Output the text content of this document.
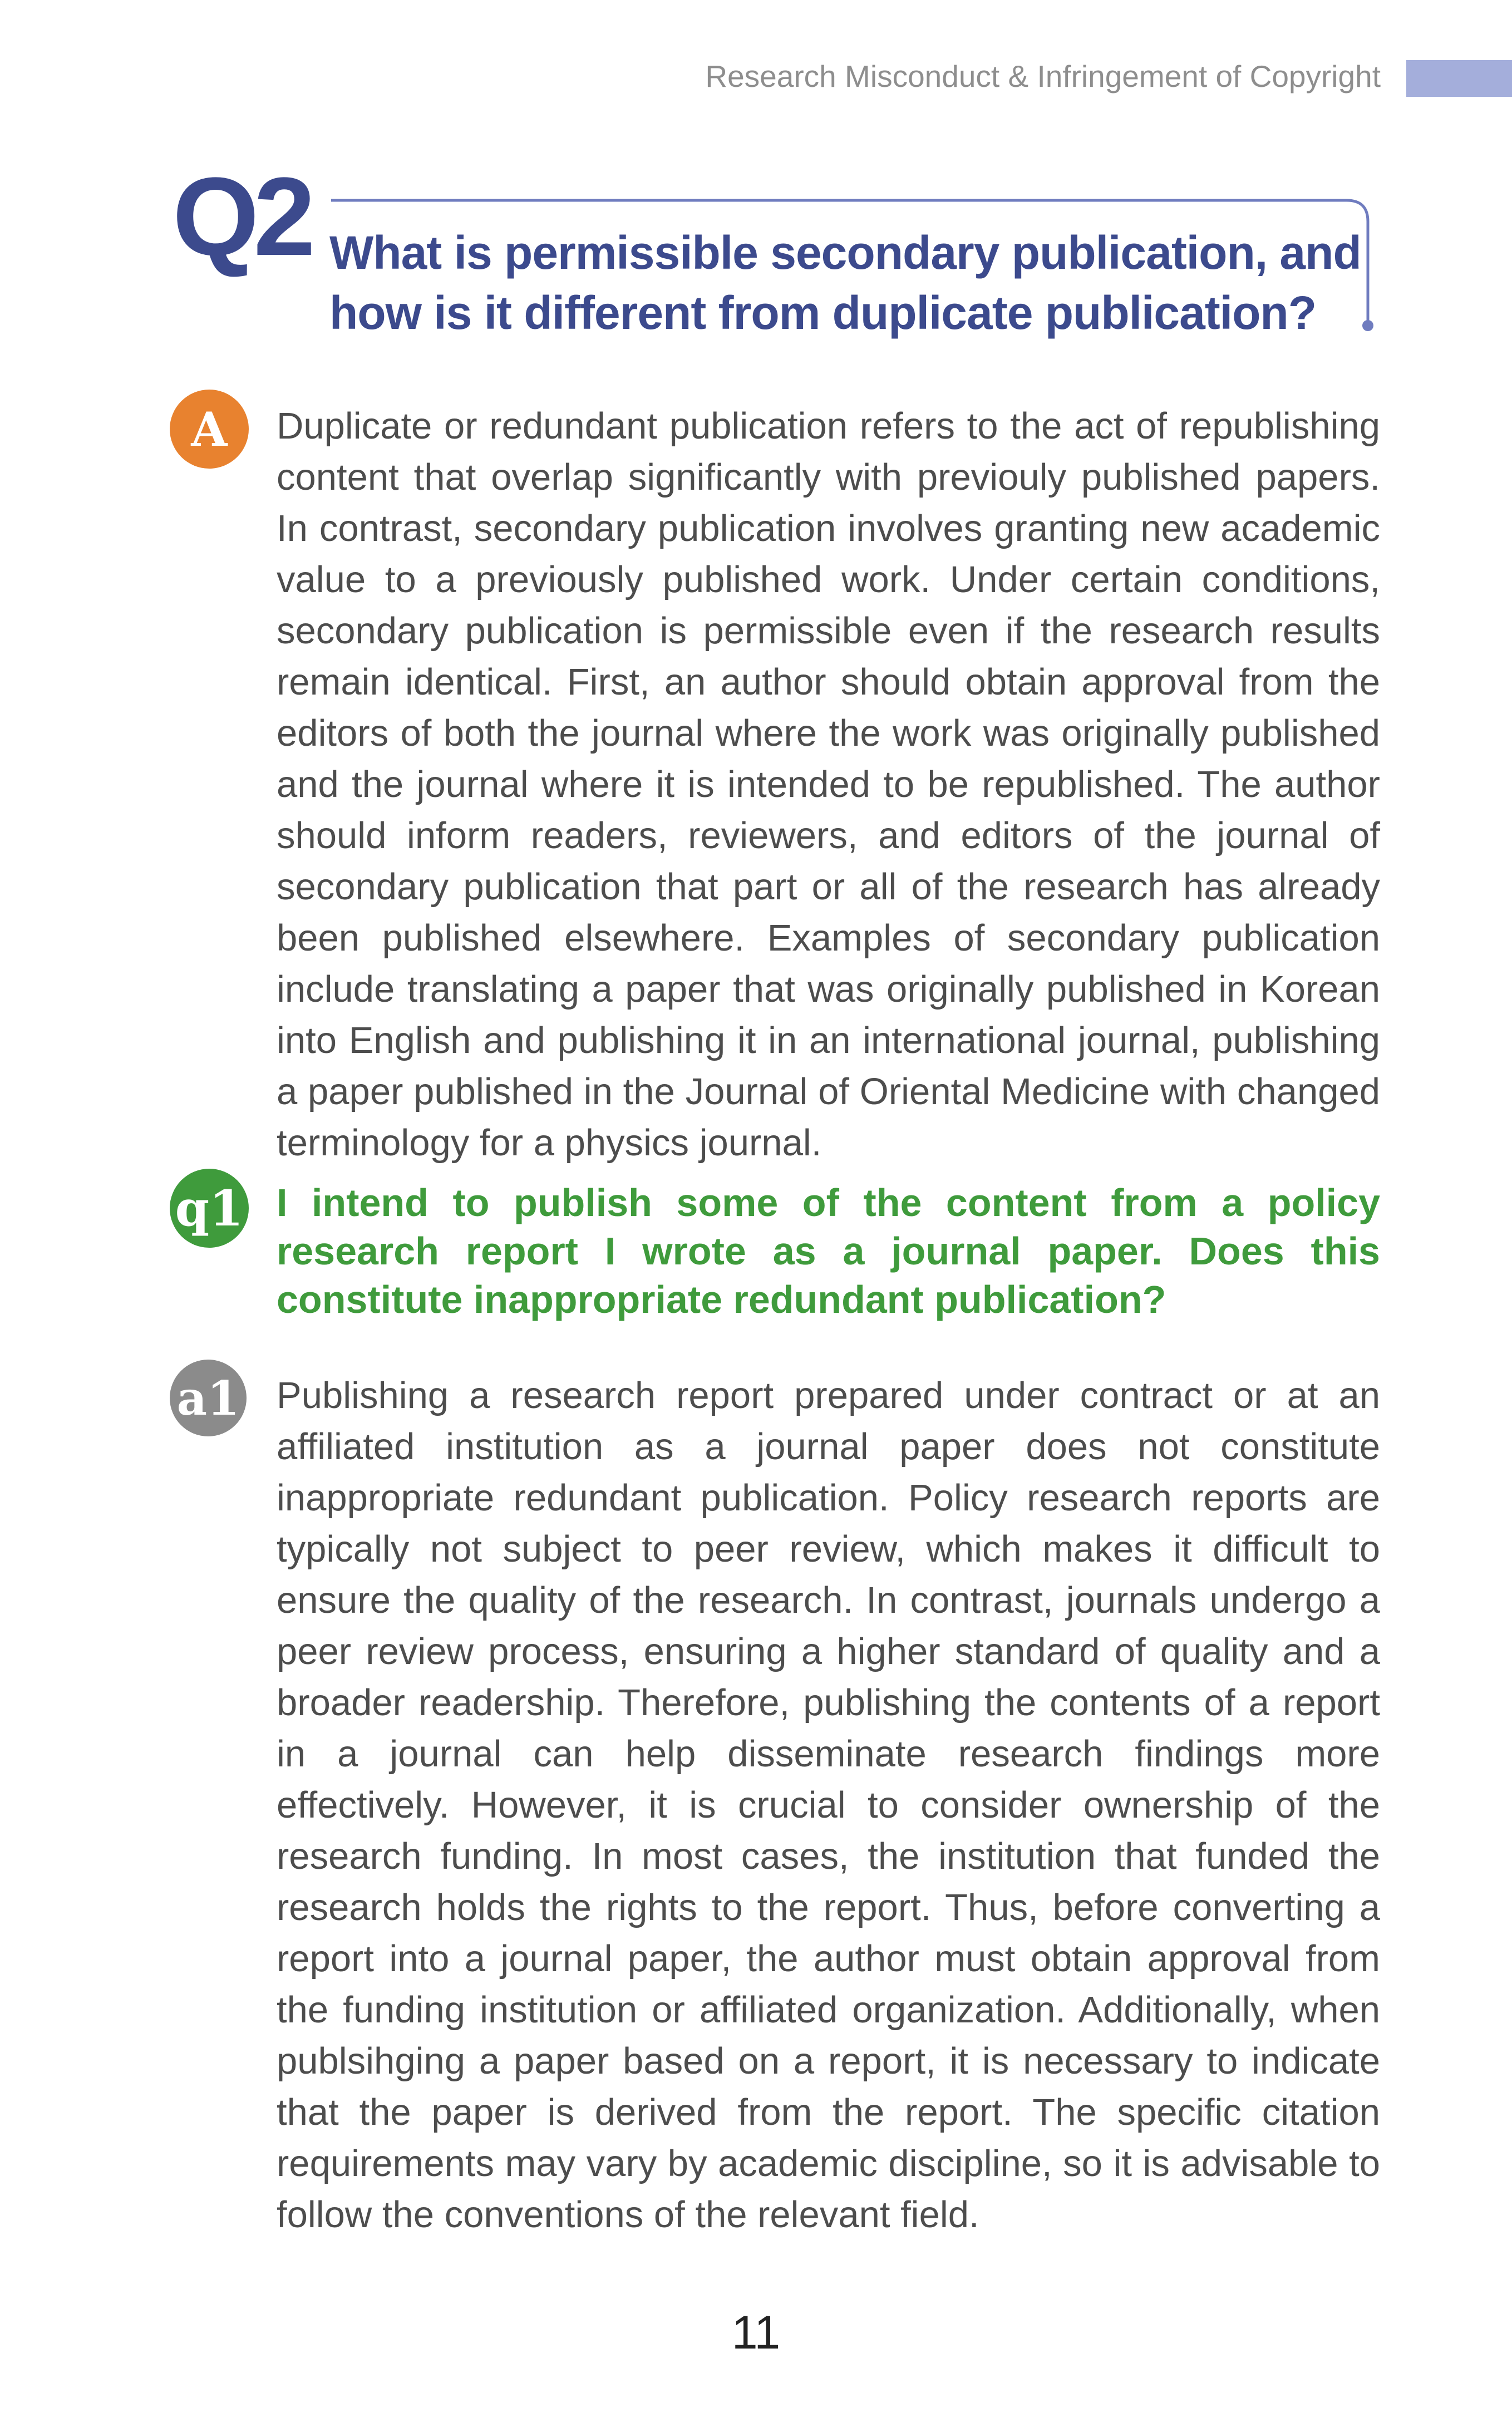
Research Misconduct & Infringement of Copyright
Q2 What is permissible secondary publication, and how is it different from duplicate publication?
A	Duplicate or redundant publication refers to the act of republishing content that overlap significantly with previouly published papers. In contrast, secondary publication involves granting new academic value to a previously published work. Under certain conditions, secondary publication is permissible even if the research results remain identical. First, an author should obtain approval from the editors of both the journal where the work was originally published and the journal where it is intended to be republished. The author should inform readers, reviewers, and editors of the journal of secondary publication that part or all of the research has already been published elsewhere. Examples of secondary publication include translating a paper that was originally published in Korean into English and publishing it in an international journal, publishing a paper published in the Journal of Oriental Medicine with changed terminology for a physics journal.

q1 I intend to publish some of the content from a policy research report I wrote as a journal paper. Does this constitute inappropriate redundant publication?

a1 Publishing a research report prepared under contract or at an affiliated institution as a journal paper does not constitute inappropriate redundant publication. Policy research reports are typically not subject to peer review, which makes it difficult to ensure the quality of the research. In contrast, journals undergo a peer review process, ensuring a higher standard of quality and a broader readership. Therefore, publishing the contents of a report in a journal can help disseminate research findings more effectively. However, it is crucial to consider ownership of the research funding. In most cases, the institution that funded the research holds the rights to the report. Thus, before converting a report into a journal paper, the author must obtain approval from the funding institution or affiliated organization. Additionally, when publsihging a paper based on a report, it is necessary to indicate that the paper is derived from the report. The specific citation requirements may vary by academic discipline, so it is advisable to follow the conventions of the relevant field.

11
